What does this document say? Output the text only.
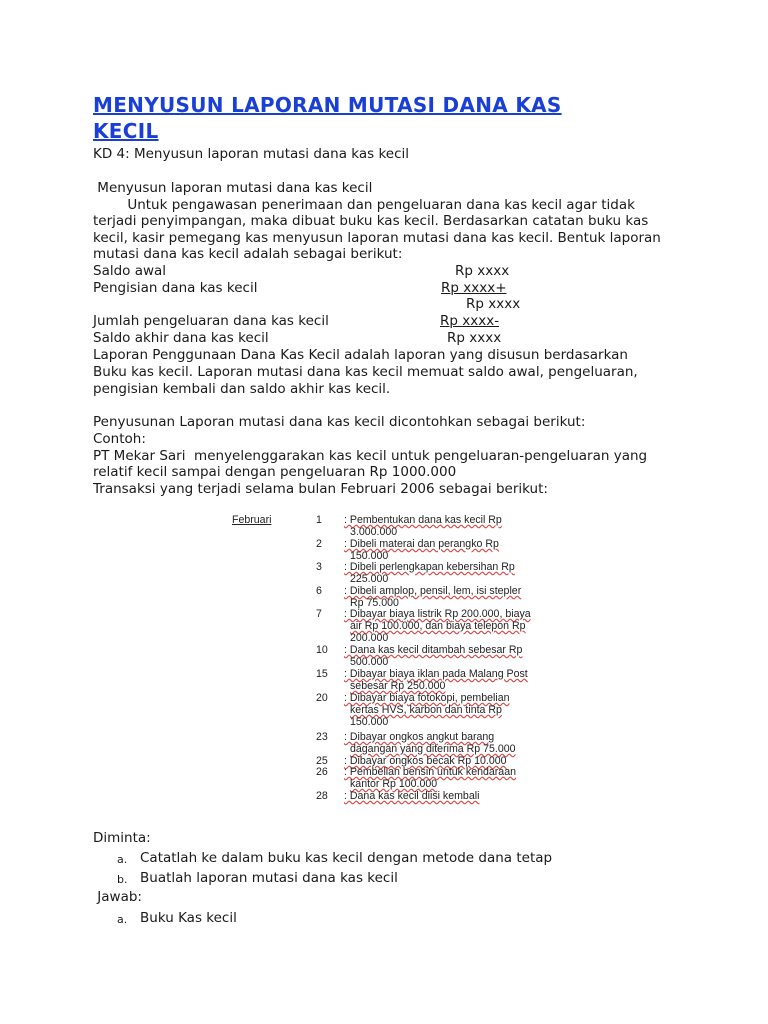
MENYUSUN LAPORAN MUTASI DANA KAS
KECIL
KD 4: Menyusun laporan mutasi dana kas kecil
Menyusun laporan mutasi dana kas kecil
Untuk pengawasan penerimaan dan pengeluaran dana kas kecil agar tidak
terjadi penyimpangan, maka dibuat buku kas kecil. Berdasarkan catatan buku kas
kecil, kasir pemegang kas menyusun laporan mutasi dana kas kecil. Bentuk laporan
mutasi dana kas kecil adalah sebagai berikut:
Saldo awal	Rp xxxx
Pengisian dana kas kecil	Rp xxxx+
Rp xxxx
Jumlah pengeluaran dana kas kecil	Rp xxxx-
Saldo akhir dana kas kecil	Rp xxxx
Laporan Penggunaan Dana Kas Kecil adalah laporan yang disusun berdasarkan
Buku kas kecil. Laporan mutasi dana kas kecil memuat saldo awal, pengeluaran,
pengisian kembali dan saldo akhir kas kecil.
Penyusunan Laporan mutasi dana kas kecil dicontohkan sebagai berikut:
Contoh:
PT Mekar Sari  menyelenggarakan kas kecil untuk pengeluaran-pengeluaran yang
relatif kecil sampai dengan pengeluaran Rp 1000.000
Transaksi yang terjadi selama bulan Februari 2006 sebagai berikut:
Februari	1 : Pembentukan dana kas kecil Rp
3.000.000
2 : Dibeli materai dan perangko Rp
150.000
3 : Dibeli perlengkapan kebersihan Rp
225.000
6 : Dibeli amplop, pensil, lem, isi stepler
Rp 75.000
7 : Dibayar biaya listrik Rp 200.000, biaya
air Rp 100.000, dan biaya telepon Rp
200.000
10 : Dana kas kecil ditambah sebesar Rp
500.000
15 : Dibayar biaya iklan pada Malang Post
sebesar Rp 250.000
20 : Dibayar biaya fotokopi, pembelian
kertas HVS, karbon dan tinta Rp
150.000
23 : Dibayar ongkos angkut barang
dagangan yang diterima Rp 75.000
25 : Dibayar ongkos becak Rp 10.000
26 : Pembelian bensin untuk kendaraan
kantor Rp 100.000
28 : Dana kas kecil diisi kembali
Diminta:
a. Catatlah ke dalam buku kas kecil dengan metode dana tetap
b. Buatlah laporan mutasi dana kas kecil
Jawab:
a. Buku Kas kecil
